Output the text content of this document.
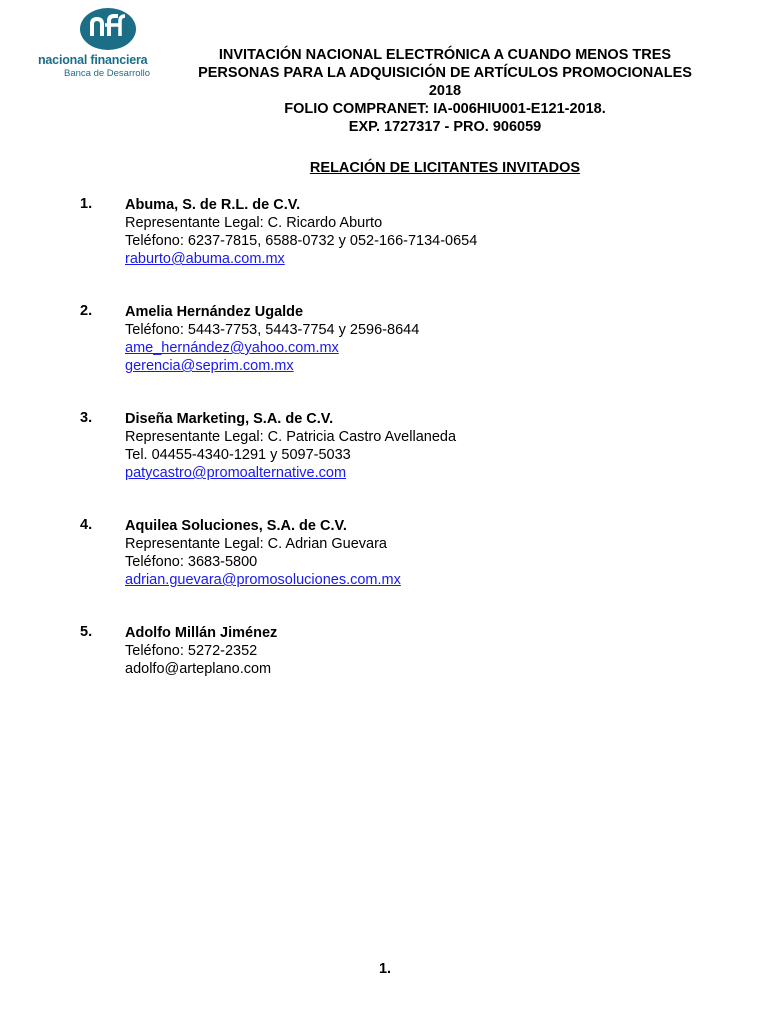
nacional financiera
Banca de Desarrollo
INVITACIÓN NACIONAL ELECTRÓNICA A CUANDO MENOS TRES
PERSONAS PARA LA ADQUISICIÓN DE ARTÍCULOS PROMOCIONALES
2018
FOLIO COMPRANET: IA-006HIU001-E121-2018.
EXP. 1727317 - PRO. 906059
RELACIÓN DE LICITANTES INVITADOS
1. Abuma, S. de R.L. de C.V.
Representante Legal: C. Ricardo Aburto
Teléfono: 6237-7815, 6588-0732 y 052-166-7134-0654
raburto@abuma.com.mx
2. Amelia Hernández Ugalde
Teléfono: 5443-7753, 5443-7754 y 2596-8644
ame_hernández@yahoo.com.mx
gerencia@seprim.com.mx
3. Diseña Marketing, S.A. de C.V.
Representante Legal: C. Patricia Castro Avellaneda
Tel. 04455-4340-1291 y 5097-5033
patycastro@promoalternative.com
4. Aquilea Soluciones, S.A. de C.V.
Representante Legal: C. Adrian Guevara
Teléfono: 3683-5800
adrian.guevara@promosoluciones.com.mx
5. Adolfo Millán Jiménez
Teléfono: 5272-2352
adolfo@arteplano.com
1.
